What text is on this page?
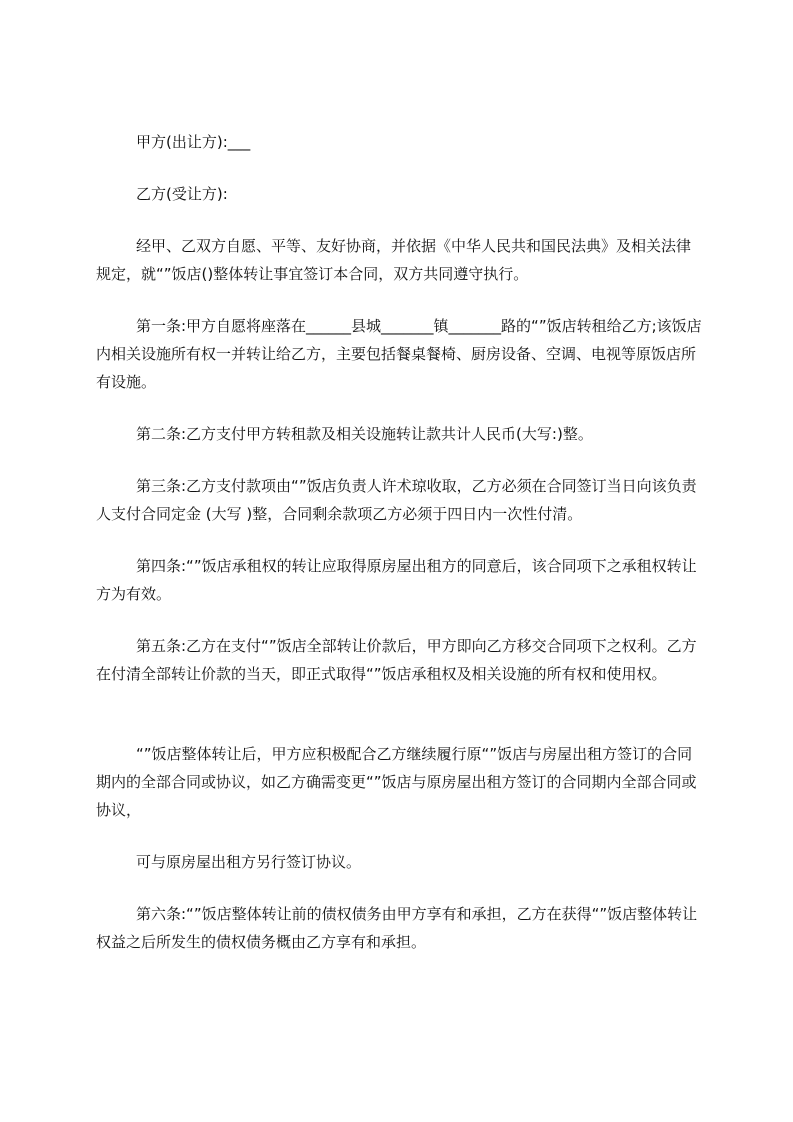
甲方(出让方):___

乙方(受让方):

经甲、乙双方自愿、平等、友好协商，并依据《中华人民共和国民法典》及相关法律规定，就“”饭店()整体转让事宜签订本合同，双方共同遵守执行。

第一条:甲方自愿将座落在______县城_______镇_______路的“”饭店转租给乙方;该饭店内相关设施所有权一并转让给乙方，主要包括餐桌餐椅、厨房设备、空调、电视等原饭店所有设施。

第二条:乙方支付甲方转租款及相关设施转让款共计人民币(大写:)整。

第三条:乙方支付款项由“”饭店负责人许术琼收取，乙方必须在合同签订当日向该负责人支付合同定金 (大写 )整，合同剩余款项乙方必须于四日内一次性付清。

第四条:“”饭店承租权的转让应取得原房屋出租方的同意后，该合同项下之承租权转让方为有效。

第五条:乙方在支付“”饭店全部转让价款后，甲方即向乙方移交合同项下之权利。乙方在付清全部转让价款的当天，即正式取得“”饭店承租权及相关设施的所有权和使用权。

“”饭店整体转让后，甲方应积极配合乙方继续履行原“”饭店与房屋出租方签订的合同期内的全部合同或协议，如乙方确需变更“”饭店与原房屋出租方签订的合同期内全部合同或协议，

可与原房屋出租方另行签订协议。

第六条:“”饭店整体转让前的债权债务由甲方享有和承担，乙方在获得“”饭店整体转让权益之后所发生的债权债务概由乙方享有和承担。
